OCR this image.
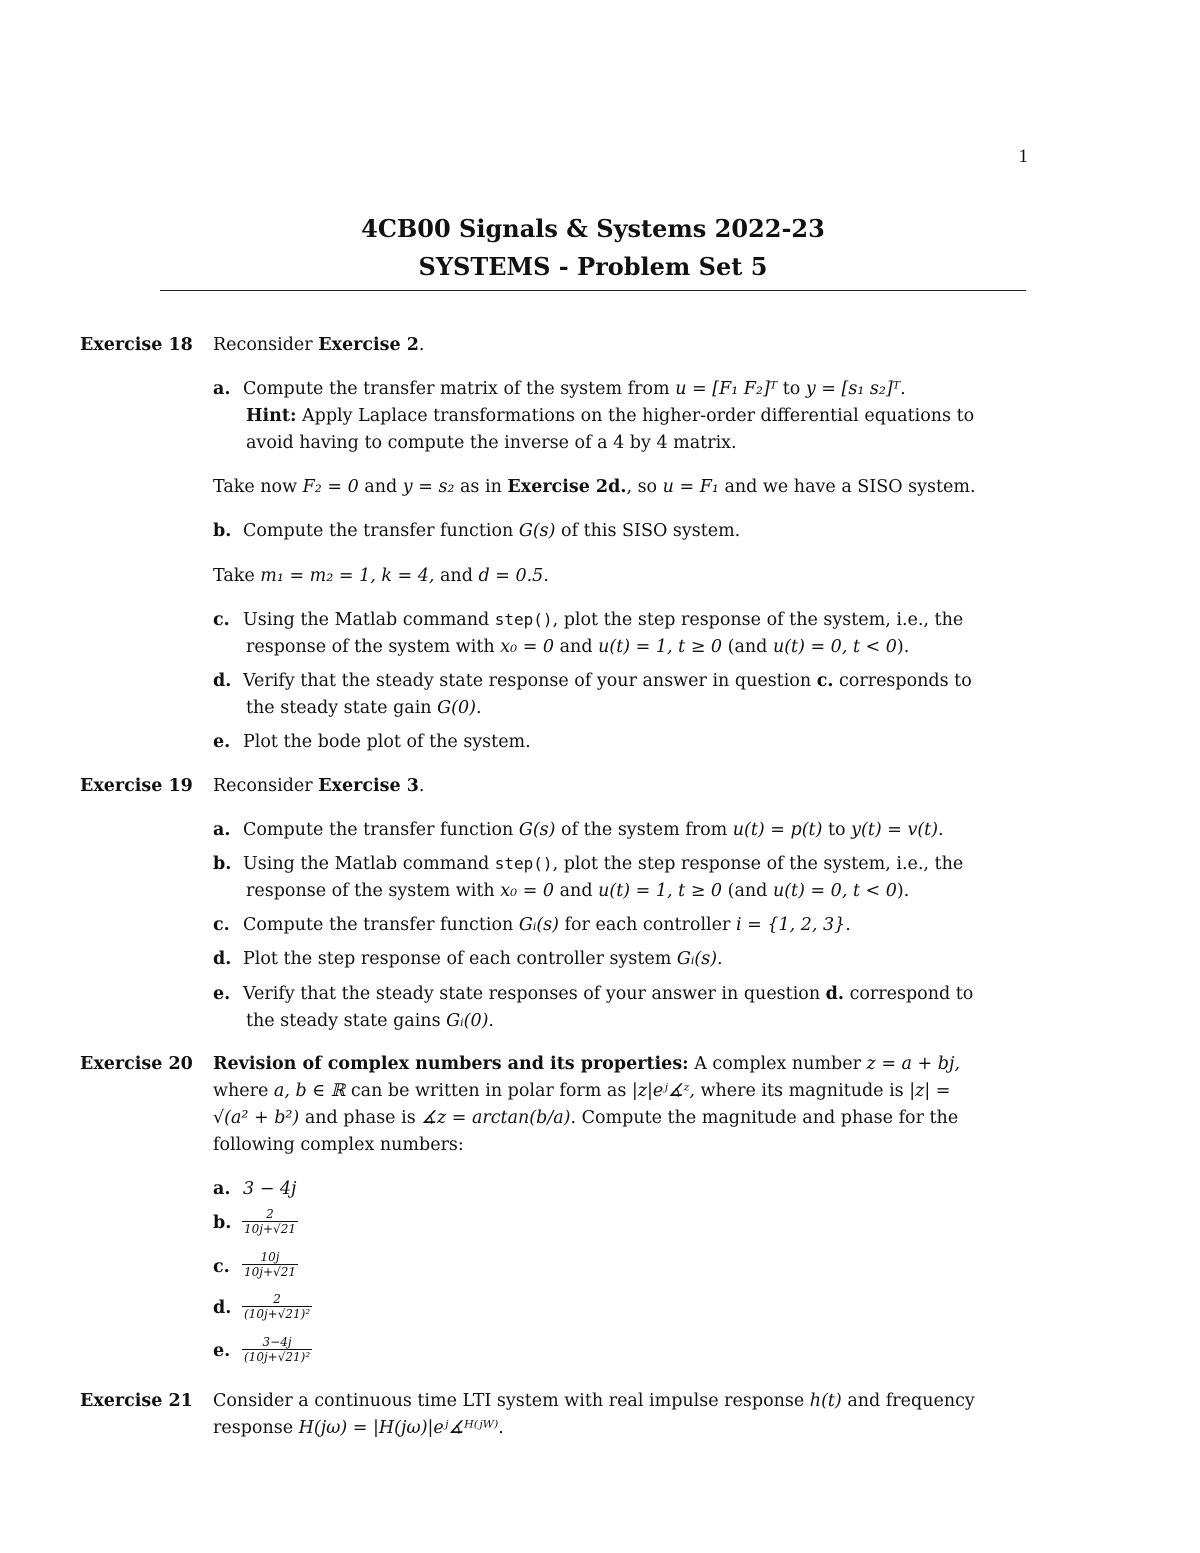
1
4CB00 Signals & Systems 2022-23
SYSTEMS - Problem Set 5
Exercise 18 Reconsider Exercise 2.
a. Compute the transfer matrix of the system from u = [F₁ F₂]ᵀ to y = [s₁ s₂]ᵀ.
Hint: Apply Laplace transformations on the higher-order differential equations to
avoid having to compute the inverse of a 4 by 4 matrix.
Take now F₂ = 0 and y = s₂ as in Exercise 2d., so u = F₁ and we have a SISO system.
b. Compute the transfer function G(s) of this SISO system.
Take m₁ = m₂ = 1, k = 4, and d = 0.5.
c. Using the Matlab command step(), plot the step response of the system, i.e., the
response of the system with x₀ = 0 and u(t) = 1, t ≥ 0 (and u(t) = 0, t < 0).
d. Verify that the steady state response of your answer in question c. corresponds to
the steady state gain G(0).
e. Plot the bode plot of the system.
Exercise 19 Reconsider Exercise 3.
a. Compute the transfer function G(s) of the system from u(t) = p(t) to y(t) = v(t).
b. Using the Matlab command step(), plot the step response of the system, i.e., the
response of the system with x₀ = 0 and u(t) = 1, t ≥ 0 (and u(t) = 0, t < 0).
c. Compute the transfer function Gᵢ(s) for each controller i = {1, 2, 3}.
d. Plot the step response of each controller system Gᵢ(s).
e. Verify that the steady state responses of your answer in question d. correspond to
the steady state gains Gᵢ(0).
Exercise 20 Revision of complex numbers and its properties: A complex number z = a + bj,
where a, b ∈ ℝ can be written in polar form as |z|eʲ∡ᶻ, where its magnitude is |z| =
√(a² + b²) and phase is ∡z = arctan(b/a). Compute the magnitude and phase for the
following complex numbers:
a. 3 − 4j
b. $\frac{2}{10j+√21}$
c. $\frac{10j}{10j+√21}$
d. $\frac{2}{\text{(10j+√21)²}}$
e. $\frac{3-4j}{\text{(10j+√21)²}}$
Exercise 21 Consider a continuous time LTI system with real impulse response h(t) and frequency
response H(jω) = |H(jω)|eʲ∡ᴴ⁽ʲᵂ⁾.
